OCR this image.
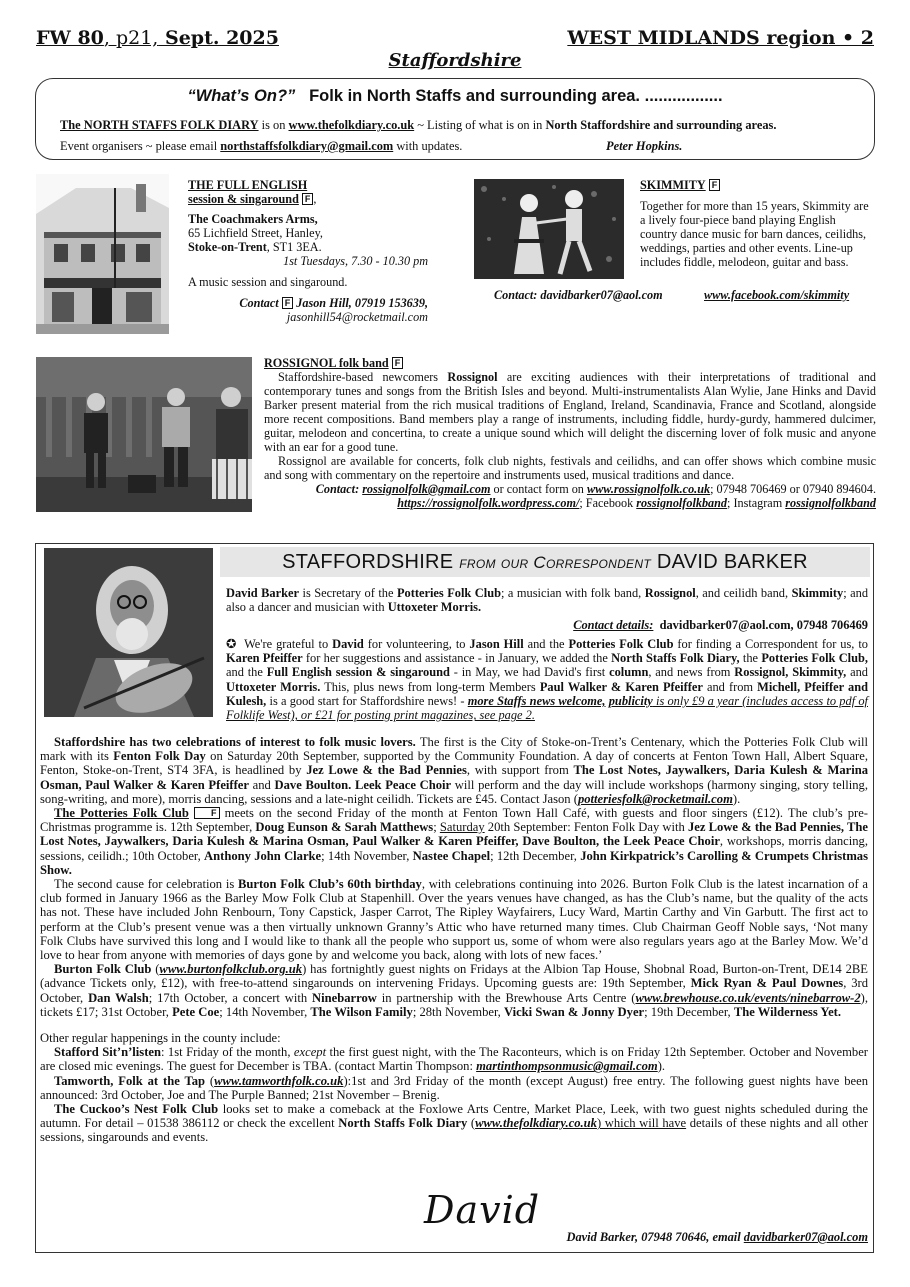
FW 80, p21, Sept. 2025	WEST MIDLANDS region • 2
Staffordshire
“What’s On?” Folk in North Staffs and surrounding area. .................
The NORTH STAFFS FOLK DIARY is on www.thefolkdiary.co.uk ~ Listing of what is on in North Staffordshire and surrounding areas.
Event organisers ~ please email northstaffsfolkdiary@gmail.com with updates.	Peter Hopkins.
THE FULL ENGLISH
session & singaround F ,
The Coachmakers Arms,
65 Lichfield Street, Hanley,
Stoke-on-Trent, ST1 3EA.
1st Tuesdays, 7.30 - 10.30 pm
A music session and singaround.
Contact F Jason Hill, 07919 153639,
jasonhill54@rocketmail.com
SKIMMITY F
Together for more than 15 years, Skimmity are a lively four-piece band playing English country dance music for barn dances, ceilidhs, weddings, parties and other events. Line-up includes fiddle, melodeon, guitar and bass.
Contact: davidbarker07@aol.com	www.facebook.com/skimmity
ROSSIGNOL folk band F
Staffordshire-based newcomers Rossignol are exciting audiences with their interpretations of traditional and contemporary tunes and songs from the British Isles and beyond. Multi-instrumentalists Alan Wylie, Jane Hinks and David Barker present material from the rich musical traditions of England, Ireland, Scandinavia, France and Scotland, alongside more recent compositions. Band members play a range of instruments, including fiddle, hurdy-gurdy, hammered dulcimer, guitar, melodeon and concertina, to create a unique sound which will delight the discerning lover of folk music and anyone with an ear for a good tune.
Rossignol are available for concerts, folk club nights, festivals and ceilidhs, and can offer shows which combine music and song with commentary on the repertoire and instruments used, musical traditions and dance.
Contact: rossignolfolk@gmail.com or contact form on www.rossignolfolk.co.uk; 07948 706469 or 07940 894604.
https://rossignolfolk.wordpress.com/; Facebook rossignolfolkband; Instagram rossignolfolkband
STAFFORDSHIRE from our Correspondent DAVID BARKER
David Barker is Secretary of the Potteries Folk Club; a musician with folk band, Rossignol, and ceilidh band, Skimmity; and also a dancer and musician with Uttoxeter Morris.
Contact details: davidbarker07@aol.com, 07948 706469
✪ We're grateful to David for volunteering, to Jason Hill and the Potteries Folk Club for finding a Correspondent for us, to Karen Pfeiffer for her suggestions and assistance - in January, we added the North Staffs Folk Diary, the Potteries Folk Club, and the Full English session & singaround - in May, we had David's first column, and news from Rossignol, Skimmity, and Uttoxeter Morris. This, plus news from long-term Members Paul Walker & Karen Pfeiffer and from Michell, Pfeiffer and Kulesh, is a good start for Staffordshire news! - more Staffs news welcome, publicity is only £9 a year (includes access to pdf of Folklife West), or £21 for posting print magazines, see page 2.

Staffordshire has two celebrations of interest to folk music lovers. The first is the City of Stoke-on-Trent’s Centenary, which the Potteries Folk Club will mark with its Fenton Folk Day on Saturday 20th September, supported by the Community Foundation. A day of concerts at Fenton Town Hall, Albert Square, Fenton, Stoke-on-Trent, ST4 3FA, is headlined by Jez Lowe & the Bad Pennies, with support from The Lost Notes, Jaywalkers, Daria Kulesh & Marina Osman, Paul Walker & Karen Pfeiffer and Dave Boulton. Leek Peace Choir will perform and the day will include workshops (harmony singing, story telling, song-writing, and more), morris dancing, sessions and a late-night ceilidh. Tickets are £45. Contact Jason (potteriesfolk@rocketmail.com).

The Potteries Folk Club F meets on the second Friday of the month at Fenton Town Hall Café, with guests and floor singers (£12). The club’s pre-Christmas programme is. 12th September, Doug Eunson & Sarah Matthews; Saturday 20th September: Fenton Folk Day with Jez Lowe & the Bad Pennies, The Lost Notes, Jaywalkers, Daria Kulesh & Marina Osman, Paul Walker & Karen Pfeiffer, Dave Boulton, the Leek Peace Choir, workshops, morris dancing, sessions, ceilidh.; 10th October, Anthony John Clarke; 14th November, Nastee Chapel; 12th December, John Kirkpatrick’s Carolling & Crumpets Christmas Show.

The second cause for celebration is Burton Folk Club’s 60th birthday, with celebrations continuing into 2026. Burton Folk Club is the latest incarnation of a club formed in January 1966 as the Barley Mow Folk Club at Stapenhill. Over the years venues have changed, as has the Club’s name, but the quality of the acts has not. These have included John Renbourn, Tony Capstick, Jasper Carrot, The Ripley Wayfairers, Lucy Ward, Martin Carthy and Vin Garbutt. The first act to perform at the Club’s present venue was a then virtually unknown Granny’s Attic who have returned many times. Club Chairman Geoff Noble says, ‘Not many Folk Clubs have survived this long and I would like to thank all the people who support us, some of whom were also regulars years ago at the Barley Mow. We’d love to hear from anyone with memories of days gone by and welcome you back, along with lots of new faces.’

Burton Folk Club (www.burtonfolkclub.org.uk) has fortnightly guest nights on Fridays at the Albion Tap House, Shobnal Road, Burton-on-Trent, DE14 2BE (advance Tickets only, £12), with free-to-attend singarounds on intervening Fridays. Upcoming guests are: 19th September, Mick Ryan & Paul Downes, 3rd October, Dan Walsh; 17th October, a concert with Ninebarrow in partnership with the Brewhouse Arts Centre (www.brewhouse.co.uk/events/ninebarrow-2), tickets £17; 31st October, Pete Coe; 14th November, The Wilson Family; 28th November, Vicki Swan & Jonny Dyer; 19th December, The Wilderness Yet.

Other regular happenings in the county include:

Stafford Sit’n’listen: 1st Friday of the month, except the first guest night, with the The Raconteurs, which is on Friday 12th September. October and November are closed mic evenings. The guest for December is TBA. (contact Martin Thompson: martinthompsonmusic@gmail.com).

Tamworth, Folk at the Tap (www.tamworthfolk.co.uk):1st and 3rd Friday of the month (except August) free entry. The following guest nights have been announced: 3rd October, Joe and The Purple Banned; 21st November – Brenig.

The Cuckoo’s Nest Folk Club looks set to make a comeback at the Foxlowe Arts Centre, Market Place, Leek, with two guest nights scheduled during the autumn. For detail – 01538 386112 or check the excellent North Staffs Folk Diary (www.thefolkdiary.co.uk) which will have details of these nights and all other sessions, singarounds and events.

David
David Barker, 07948 70646, email davidbarker07@aol.com
